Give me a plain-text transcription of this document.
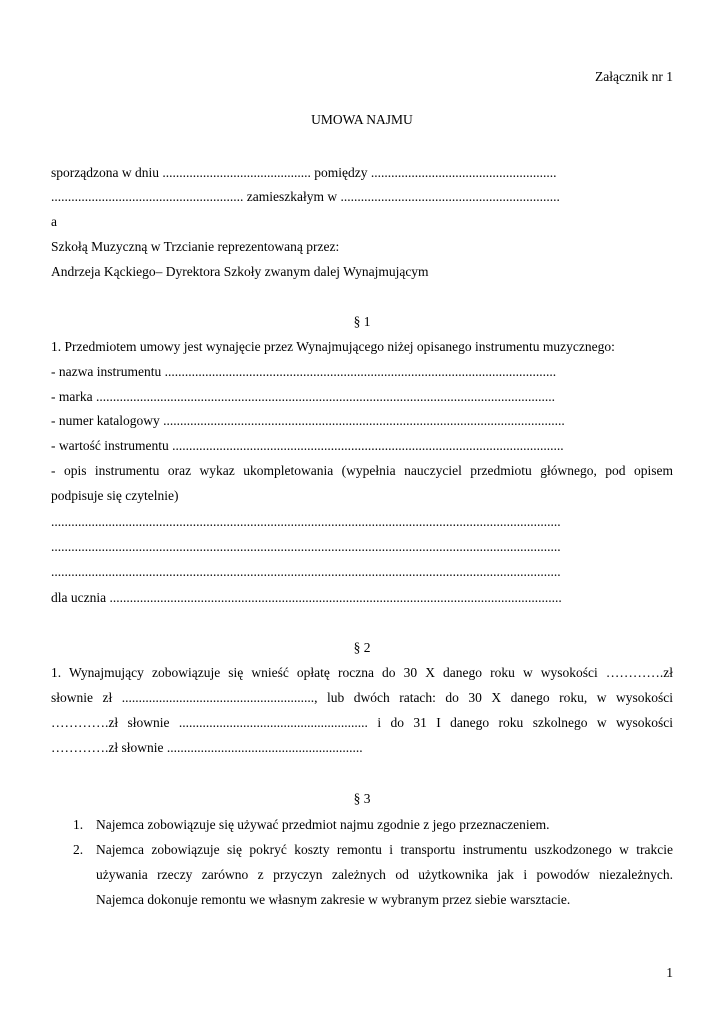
Załącznik nr 1
UMOWA NAJMU
sporządzona w dniu ............................................ pomiędzy .......................................................
......................................................... zamieszkałym w .................................................................
a
Szkołą Muzyczną w Trzcianie reprezentowaną przez:
Andrzeja Kąckiego– Dyrektora Szkoły zwanym dalej Wynajmującym
§ 1
1. Przedmiotem umowy jest wynajęcie przez Wynajmującego niżej opisanego instrumentu muzycznego:
- nazwa instrumentu ....................................................................................................................
- marka ........................................................................................................................................
- numer katalogowy .......................................................................................................................
- wartość instrumentu ....................................................................................................................
- opis instrumentu oraz wykaz ukompletowania (wypełnia nauczyciel przedmiotu głównego, pod opisem
podpisuje się czytelnie)
.......................................................................................................................................................
.......................................................................................................................................................
.......................................................................................................................................................
dla ucznia ......................................................................................................................................
§ 2
1. Wynajmujący zobowiązuje się wnieść opłatę roczna do 30 X danego roku w wysokości ………….zł
słownie zł ........................................................., lub dwóch ratach: do 30 X danego roku, w wysokości
………….zł słownie ........................................................ i do 31 I danego roku szkolnego w wysokości
………….zł słownie ..........................................................
§ 3
1. Najemca zobowiązuje się używać przedmiot najmu zgodnie z jego przeznaczeniem.
2. Najemca zobowiązuje się pokryć koszty remontu i transportu instrumentu uszkodzonego w trakcie
używania rzeczy zarówno z przyczyn zależnych od użytkownika jak i powodów niezależnych.
Najemca dokonuje remontu we własnym zakresie w wybranym przez siebie warsztacie.
1
